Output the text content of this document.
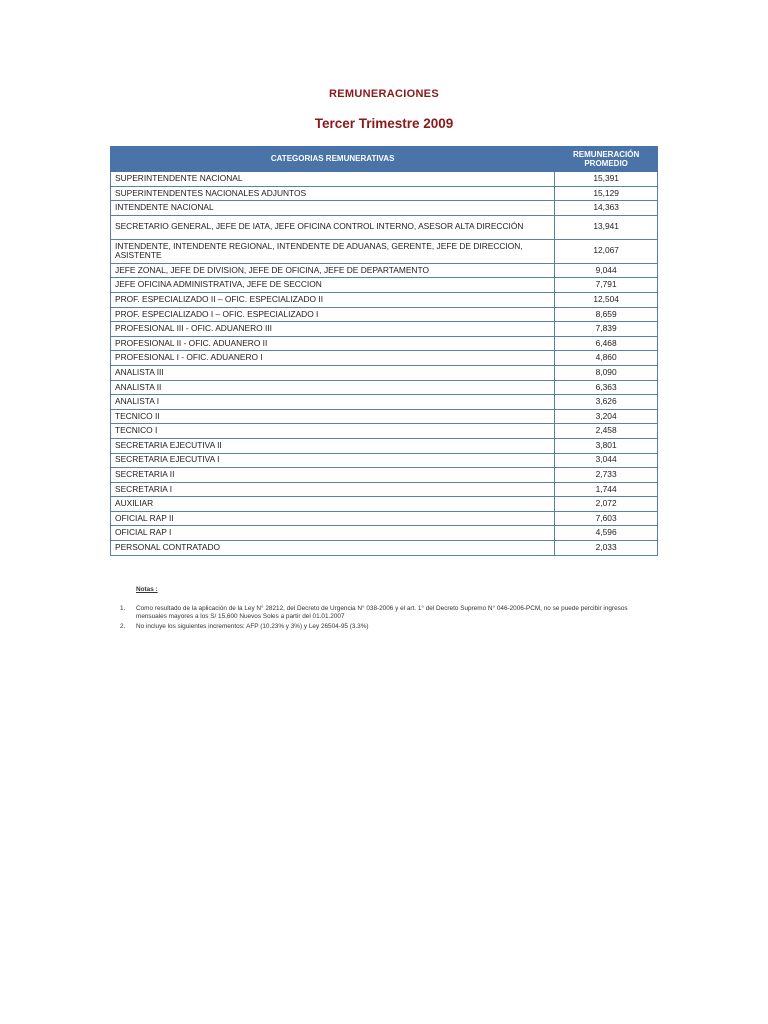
REMUNERACIONES
Tercer Trimestre 2009
CATEGORIAS REMUNERATIVAS	REMUNERACIÓN PROMEDIO
SUPERINTENDENTE NACIONAL	15,391
SUPERINTENDENTES NACIONALES ADJUNTOS	15,129
INTENDENTE NACIONAL	14,363
SECRETARIO GENERAL, JEFE DE IATA, JEFE OFICINA CONTROL INTERNO, ASESOR ALTA DIRECCIÓN	13,941
INTENDENTE, INTENDENTE REGIONAL, INTENDENTE DE ADUANAS, GERENTE, JEFE DE DIRECCION, ASISTENTE	12,067
JEFE ZONAL, JEFE DE DIVISION, JEFE DE OFICINA, JEFE DE DEPARTAMENTO	9,044
JEFE OFICINA ADMINISTRATIVA, JEFE DE SECCION	7,791
PROF. ESPECIALIZADO II – OFIC. ESPECIALIZADO II	12,504
PROF. ESPECIALIZADO I – OFIC. ESPECIALIZADO I	8,659
PROFESIONAL III - OFIC. ADUANERO III	7,839
PROFESIONAL II - OFIC. ADUANERO II	6,468
PROFESIONAL I - OFIC. ADUANERO I	4,860
ANALISTA III	8,090
ANALISTA II	6,363
ANALISTA I	3,626
TECNICO II	3,204
TECNICO I	2,458
SECRETARIA EJECUTIVA II	3,801
SECRETARIA EJECUTIVA I	3,044
SECRETARIA II	2,733
SECRETARIA I	1,744
AUXILIAR	2,072
OFICIAL RAP II	7,603
OFICIAL RAP I	4,596
PERSONAL CONTRATADO	2,033
Notas :
1.	Como resultado de la aplicación de la Ley N° 28212, del Decreto de Urgencia N° 038-2006 y el art. 1° del Decreto Supremo N° 046-2006-PCM, no se puede percibir ingresos mensuales mayores a los S/ 15,600 Nuevos Soles a partir del 01.01.2007
2.	No incluye los siguientes incrementos: AFP (10.23% y 3%) y Ley 26504-95 (3.3%)
